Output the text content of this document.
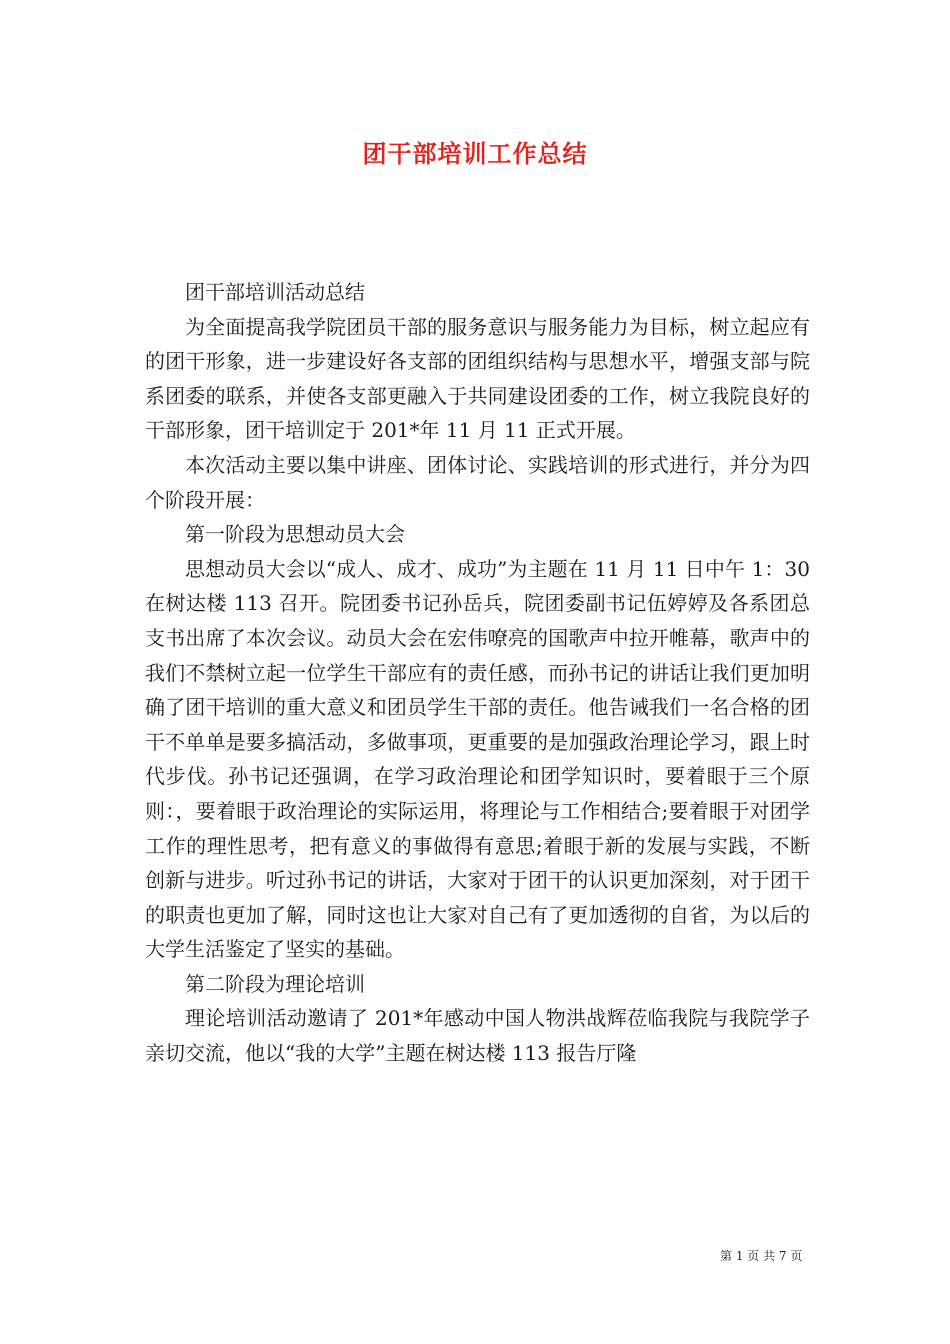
团干部培训工作总结

团干部培训活动总结

为全面提高我学院团员干部的服务意识与服务能力为目标，树立起应有的团干形象，进一步建设好各支部的团组织结构与思想水平，增强支部与院系团委的联系，并使各支部更融入于共同建设团委的工作，树立我院良好的干部形象，团干培训定于 201*年 11 月 11 正式开展。

本次活动主要以集中讲座、团体讨论、实践培训的形式进行，并分为四个阶段开展：

第一阶段为思想动员大会

思想动员大会以“成人、成才、成功”为主题在 11 月 11 日中午 1：30 在树达楼 113 召开。院团委书记孙岳兵，院团委副书记伍婷婷及各系团总支书出席了本次会议。动员大会在宏伟嘹亮的国歌声中拉开帷幕，歌声中的我们不禁树立起一位学生干部应有的责任感，而孙书记的讲话让我们更加明确了团干培训的重大意义和团员学生干部的责任。他告诫我们一名合格的团干不单单是要多搞活动，多做事项，更重要的是加强政治理论学习，跟上时代步伐。孙书记还强调，在学习政治理论和团学知识时，要着眼于三个原则：，要着眼于政治理论的实际运用，将理论与工作相结合;要着眼于对团学工作的理性思考，把有意义的事做得有意思;着眼于新的发展与实践，不断创新与进步。听过孙书记的讲话，大家对于团干的认识更加深刻，对于团干的职责也更加了解，同时这也让大家对自己有了更加透彻的自省，为以后的大学生活鉴定了坚实的基础。

第二阶段为理论培训

理论培训活动邀请了 201*年感动中国人物洪战辉莅临我院与我院学子亲切交流，他以“我的大学”主题在树达楼 113 报告厅隆

第 1 页 共 7 页
